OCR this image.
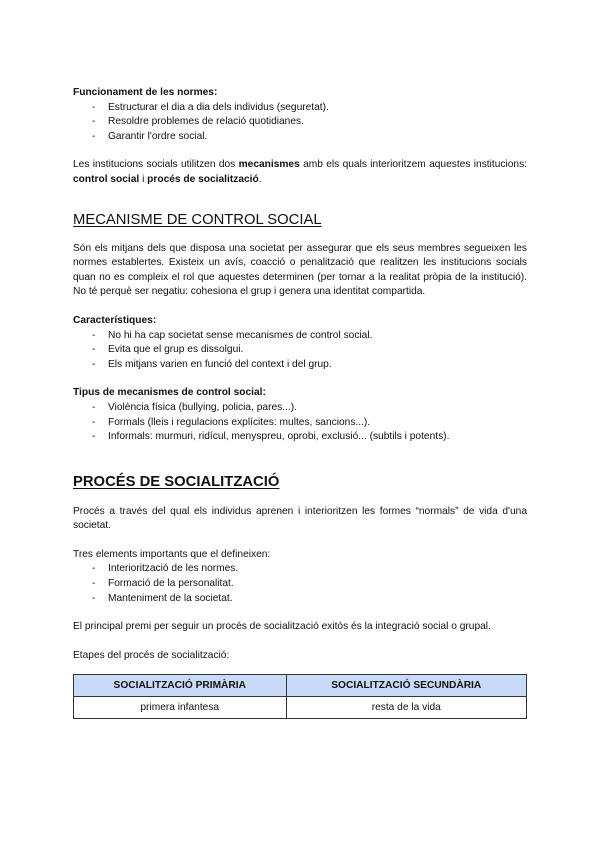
Funcionament de les normes:

- Estructurar el dia a dia dels individus (seguretat).
- Resoldre problemes de relació quotidianes.
- Garantir l'ordre social.

Les institucions socials utilitzen dos mecanismes amb els quals interioritzem aquestes institucions: control social i procés de socialització.

MECANISME DE CONTROL SOCIAL

Són els mitjans dels que disposa una societat per assegurar que els seus membres segueixen les normes establertes. Existeix un avís, coacció o penalització que realitzen les institucions socials quan no es compleix el rol que aquestes determinen (per tornar a la realitat pròpia de la institució). No té perquè ser negatiu: cohesiona el grup i genera una identitat compartida.

Característiques:

- No hi ha cap societat sense mecanismes de control social.
- Evita que el grup es dissolgui.
- Els mitjans varien en funció del context i del grup.

Tipus de mecanismes de control social:

- Violència física (bullying, policia, pares...).
- Formals (lleis i regulacions explícites: multes, sancions...).
- Informals: murmuri, ridícul, menyspreu, oprobi, exclusió... (subtils i potents).
PROCÉS DE SOCIALITZACIÓ

Procés a través del qual els individus aprenen i interioritzen les formes “normals” de vida d'una societat.

Tres elements importants que el defineixen:

- Interiorització de les normes.
- Formació de la personalitat.
- Manteniment de la societat.

El principal premi per seguir un procés de socialització exitós és la integració social o grupal.

Etapes del procés de socialització:

SOCIALITZACIÓ PRIMÀRIA	SOCIALITZACIÓ SECUNDÀRIA
primera infantesa	resta de la vida
